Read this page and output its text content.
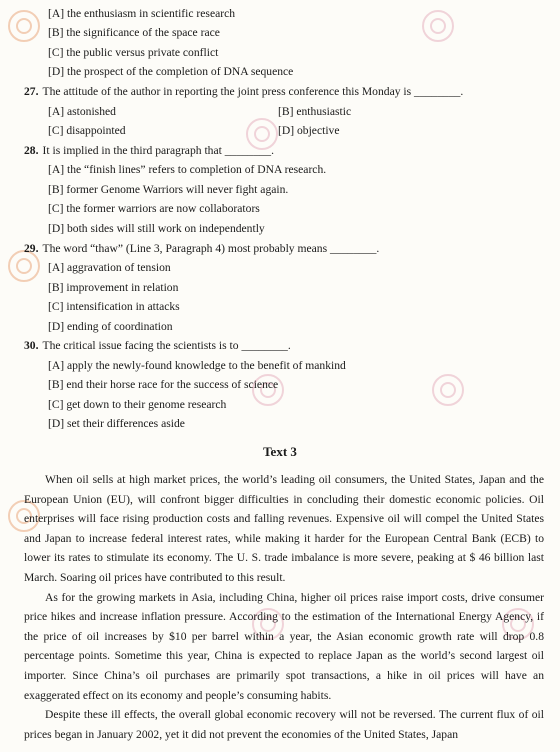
[A] the enthusiasm in scientific research
[B] the significance of the space race
[C] the public versus private conflict
[D] the prospect of the completion of DNA sequence
27. The attitude of the author in reporting the joint press conference this Monday is ________.
[A] astonished	[B] enthusiastic
[C] disappointed	[D] objective
28. It is implied in the third paragraph that ________.
[A] the “finish lines” refers to completion of DNA research.
[B] former Genome Warriors will never fight again.
[C] the former warriors are now collaborators
[D] both sides will still work on independently
29. The word “thaw” (Line 3, Paragraph 4) most probably means ________.
[A] aggravation of tension
[B] improvement in relation
[C] intensification in attacks
[D] ending of coordination
30. The critical issue facing the scientists is to ________.
[A] apply the newly-found knowledge to the benefit of mankind
[B] end their horse race for the success of science
[C] get down to their genome research
[D] set their differences aside
Text 3

When oil sells at high market prices, the world’s leading oil consumers, the United States, Japan and the European Union (EU), will confront bigger difficulties in concluding their domestic economic policies. Oil enterprises will face rising production costs and falling revenues. Expensive oil will compel the United States and Japan to increase federal interest rates, while making it harder for the European Central Bank (ECB) to lower its rates to stimulate its economy. The U. S. trade imbalance is more severe, peaking at $ 46 billion last March. Soaring oil prices have contributed to this result.

As for the growing markets in Asia, including China, higher oil prices raise import costs, drive consumer price hikes and increase inflation pressure. According to the estimation of the International Energy Agency, if the price of oil increases by $10 per barrel within a year, the Asian economic growth rate will drop 0.8 percentage points. Sometime this year, China is expected to replace Japan as the world’s second largest oil importer. Since China’s oil purchases are primarily spot transactions, a hike in oil prices will have an exaggerated effect on its economy and people’s consuming habits.

Despite these ill effects, the overall global economic recovery will not be reversed. The current flux of oil prices began in January 2002, yet it did not prevent the economies of the United States, Japan
